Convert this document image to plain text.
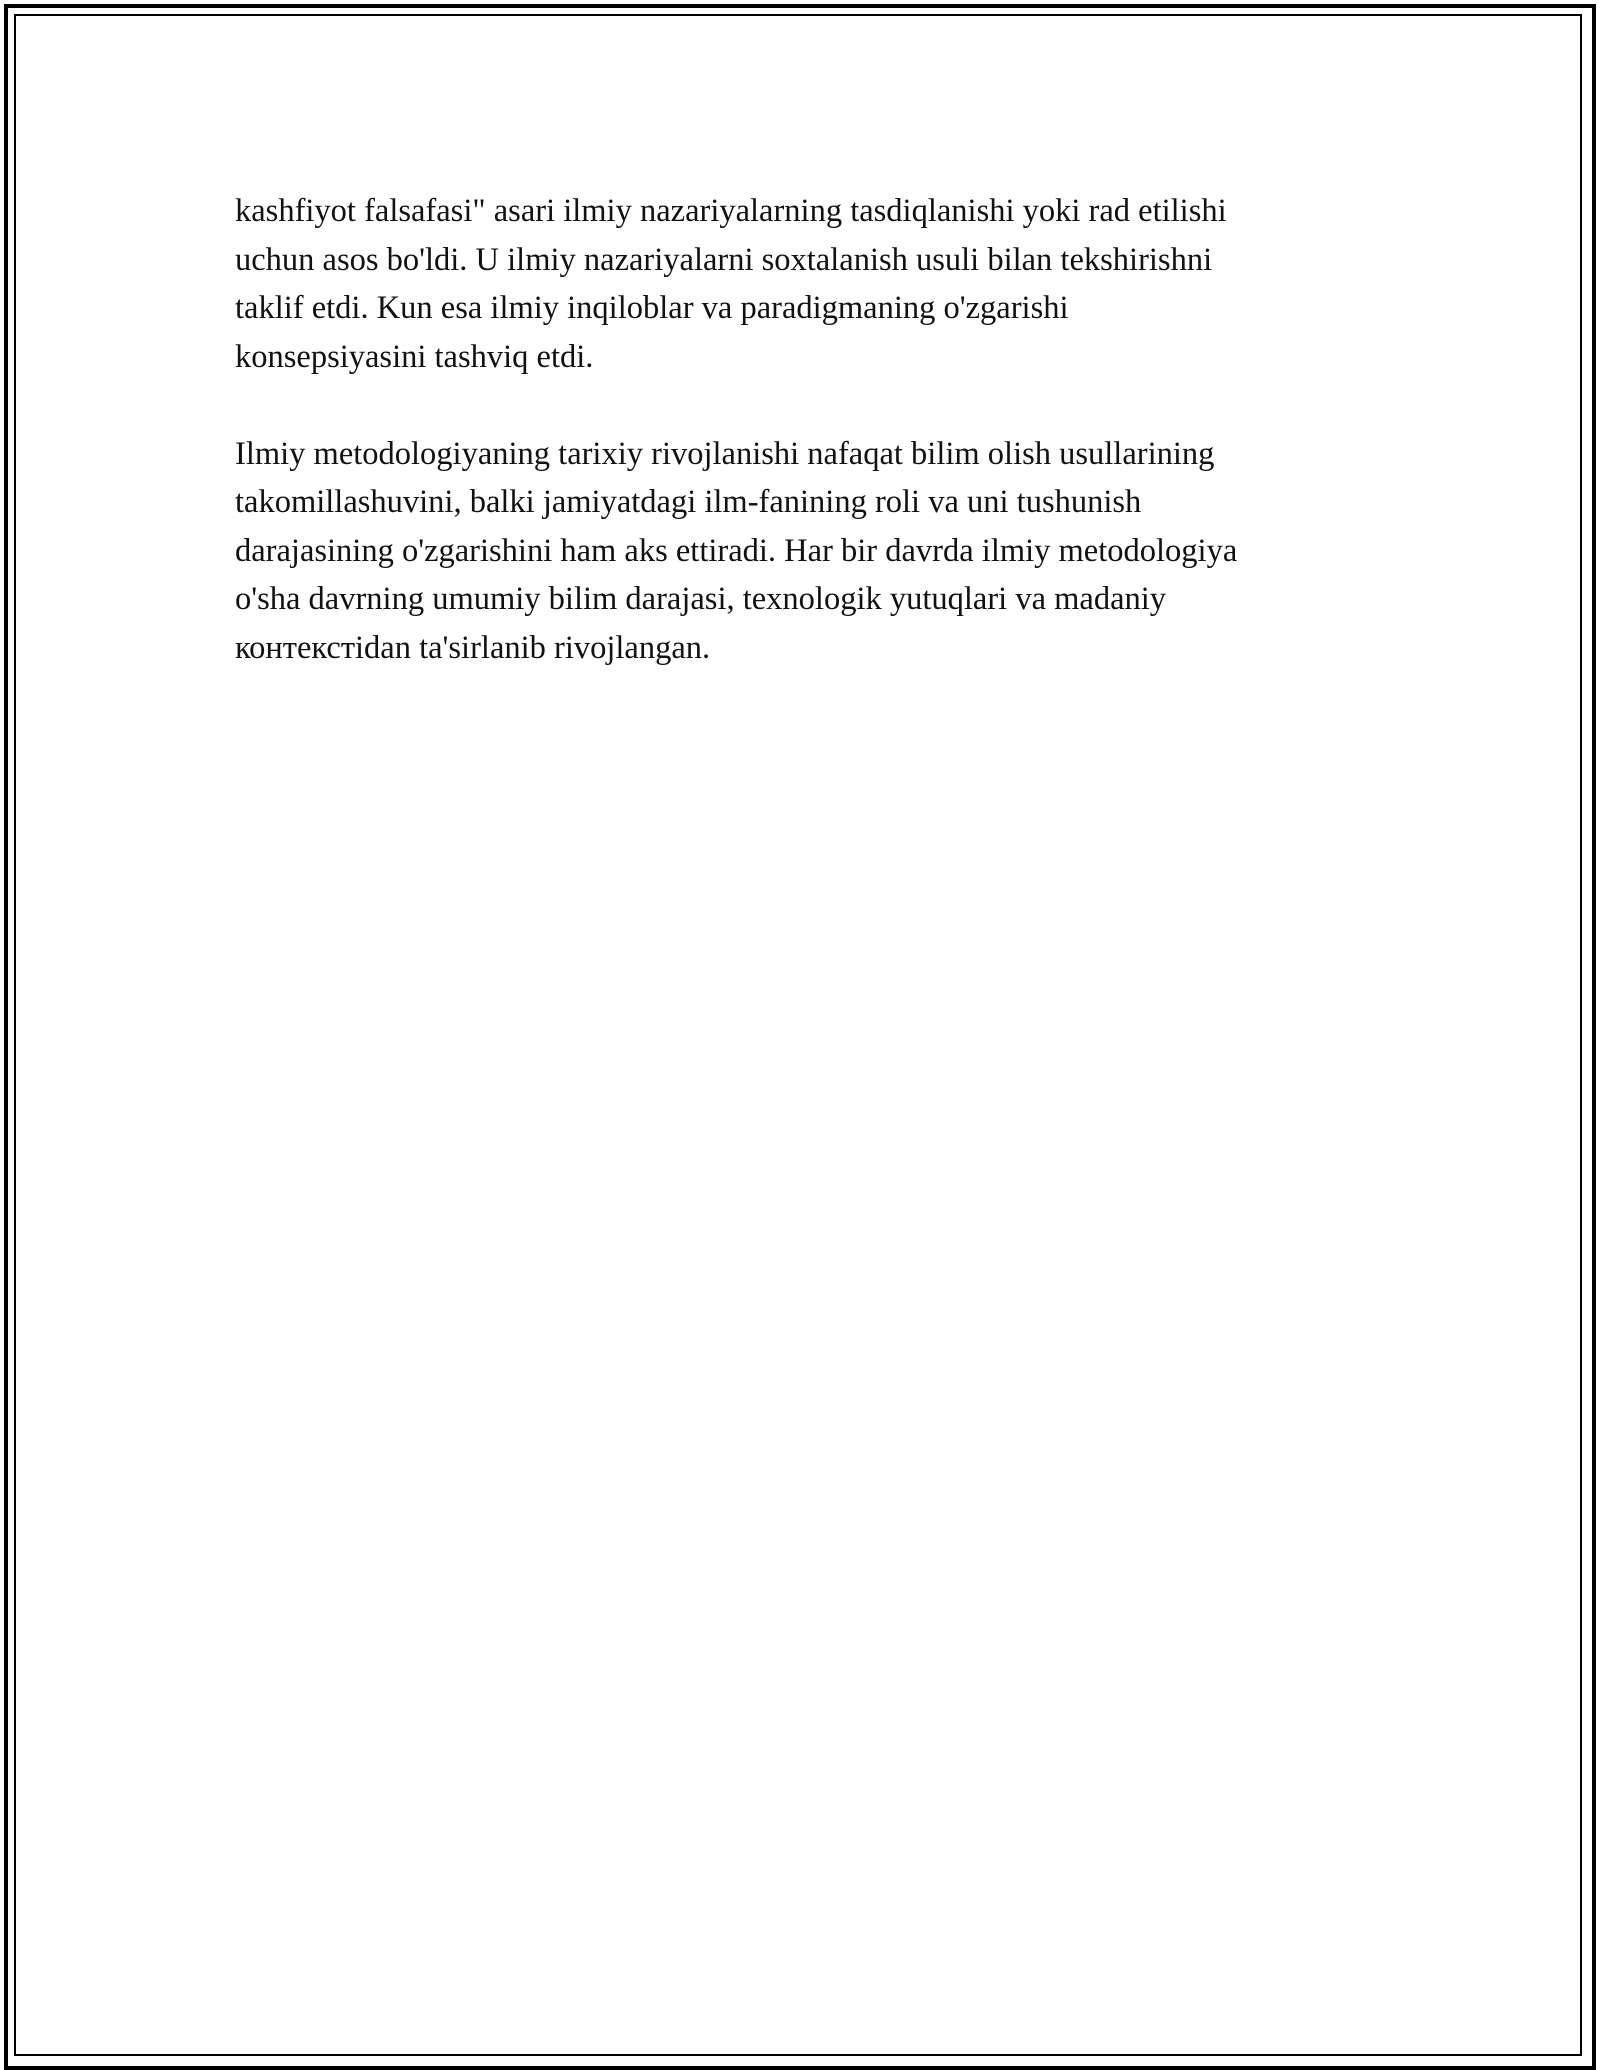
kashfiyot falsafasi" asari ilmiy nazariyalarning tasdiqlanishi yoki rad etilishi
uchun asos bo'ldi. U ilmiy nazariyalarni soxtalanish usuli bilan tekshirishni
taklif etdi. Kun esa ilmiy inqiloblar va paradigmaning o'zgarishi
konsepsiyasini tashviq etdi.

Ilmiy metodologiyaning tarixiy rivojlanishi nafaqat bilim olish usullarining
takomillashuvini, balki jamiyatdagi ilm-fanining roli va uni tushunish
darajasining o'zgarishini ham aks ettiradi. Har bir davrda ilmiy metodologiya
o'sha davrning umumiy bilim darajasi, texnologik yutuqlari va madaniy
контекстidan ta'sirlanib rivojlangan.
